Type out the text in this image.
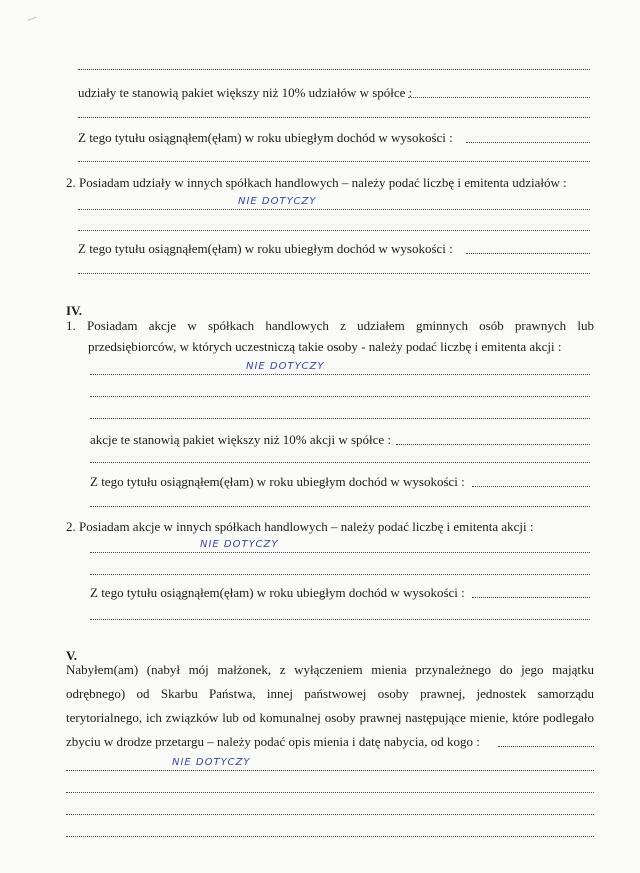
udziały te stanowią pakiet większy niż 10% udziałów w spółce :
Z tego tytułu osiągnąłem(ęłam) w roku ubiegłym dochód w wysokości :
2. Posiadam udziały w innych spółkach handlowych – należy podać liczbę i emitenta udziałów :
NIE DOTYCZY
Z tego tytułu osiągnąłem(ęłam) w roku ubiegłym dochód w wysokości :
IV.
1. Posiadam akcje w spółkach handlowych z udziałem gminnych osób prawnych lub
przedsiębiorców, w których uczestniczą takie osoby - należy podać liczbę i emitenta akcji :
NIE DOTYCZY
akcje te stanowią pakiet większy niż 10% akcji w spółce :
Z tego tytułu osiągnąłem(ęłam) w roku ubiegłym dochód w wysokości :
2. Posiadam akcje w innych spółkach handlowych – należy podać liczbę i emitenta akcji :
NIE DOTYCZY
Z tego tytułu osiągnąłem(ęłam) w roku ubiegłym dochód w wysokości :
V.
Nabyłem(am) (nabył mój małżonek, z wyłączeniem mienia przynależnego do jego majątku
odrębnego) od Skarbu Państwa, innej państwowej osoby prawnej, jednostek samorządu
terytorialnego, ich związków lub od komunalnej osoby prawnej następujące mienie, które podlegało
zbyciu w drodze przetargu – należy podać opis mienia i datę nabycia, od kogo :
NIE DOTYCZY
